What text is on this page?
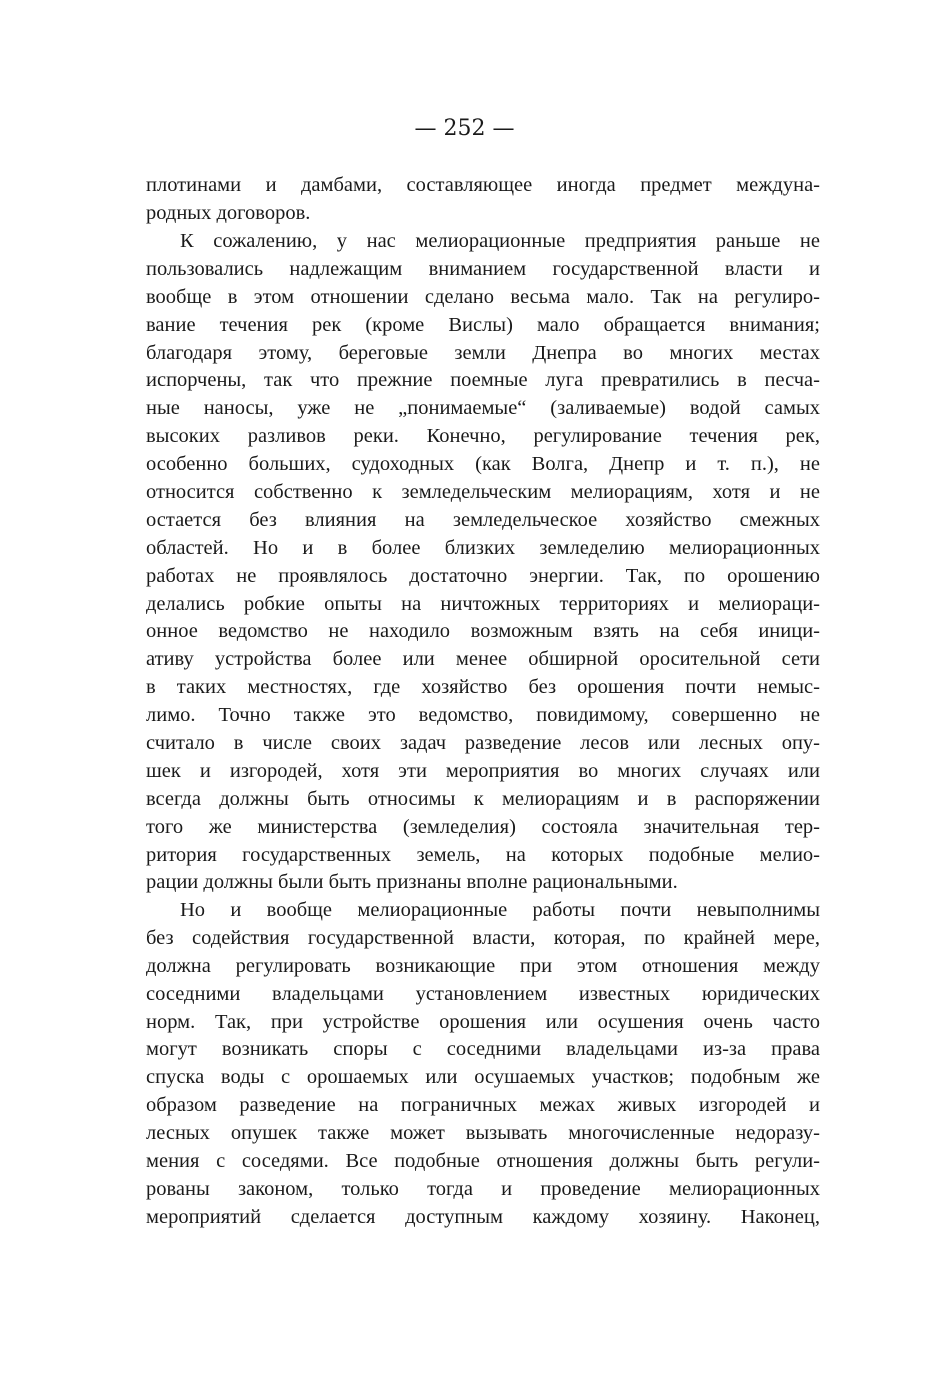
— 252 —
плотинами и дамбами, составляющее иногда предмет междуна-
родных договоров.
К сожалению, у нас мелиорационные предприятия раньше не
пользовались надлежащим вниманием государственной власти и
вообще в этом отношении сделано весьма мало. Так на регулиро-
вание течения рек (кроме Вислы) мало обращается внимания;
благодаря этому, береговые земли Днепра во многих местах
испорчены, так что прежние поемные луга превратились в песча-
ные наносы, уже не „понимаемые“ (заливаемые) водой самых
высоких разливов реки. Конечно, регулирование течения рек,
особенно больших, судоходных (как Волга, Днепр и т. п.), не
относится собственно к земледельческим мелиорациям, хотя и не
остается без влияния на земледельческое хозяйство смежных
областей. Но и в более близких земледелию мелиорационных
работах не проявлялось достаточно энергии. Так, по орошению
делались робкие опыты на ничтожных территориях и мелиораци-
онное ведомство не находило возможным взять на себя иници-
ативу устройства более или менее обширной оросительной сети
в таких местностях, где хозяйство без орошения почти немыс-
лимо. Точно также это ведомство, повидимому, совершенно не
считало в числе своих задач разведение лесов или лесных опу-
шек и изгородей, хотя эти мероприятия во многих случаях или
всегда должны быть относимы к мелиорациям и в распоряжении
того же министерства (земледелия) состояла значительная тер-
ритория государственных земель, на которых подобные мелио-
рации должны были быть признаны вполне рациональными.
Но и вообще мелиорационные работы почти невыполнимы
без содействия государственной власти, которая, по крайней мере,
должна регулировать возникающие при этом отношения между
соседними владельцами установлением известных юридических
норм. Так, при устройстве орошения или осушения очень часто
могут возникать споры с соседними владельцами из-за права
спуска воды с орошаемых или осушаемых участков; подобным же
образом разведение на пограничных межах живых изгородей и
лесных опушек также может вызывать многочисленные недоразу-
мения с соседями. Все подобные отношения должны быть регули-
рованы законом, только тогда и проведение мелиорационных
мероприятий сделается доступным каждому хозяину. Наконец,
